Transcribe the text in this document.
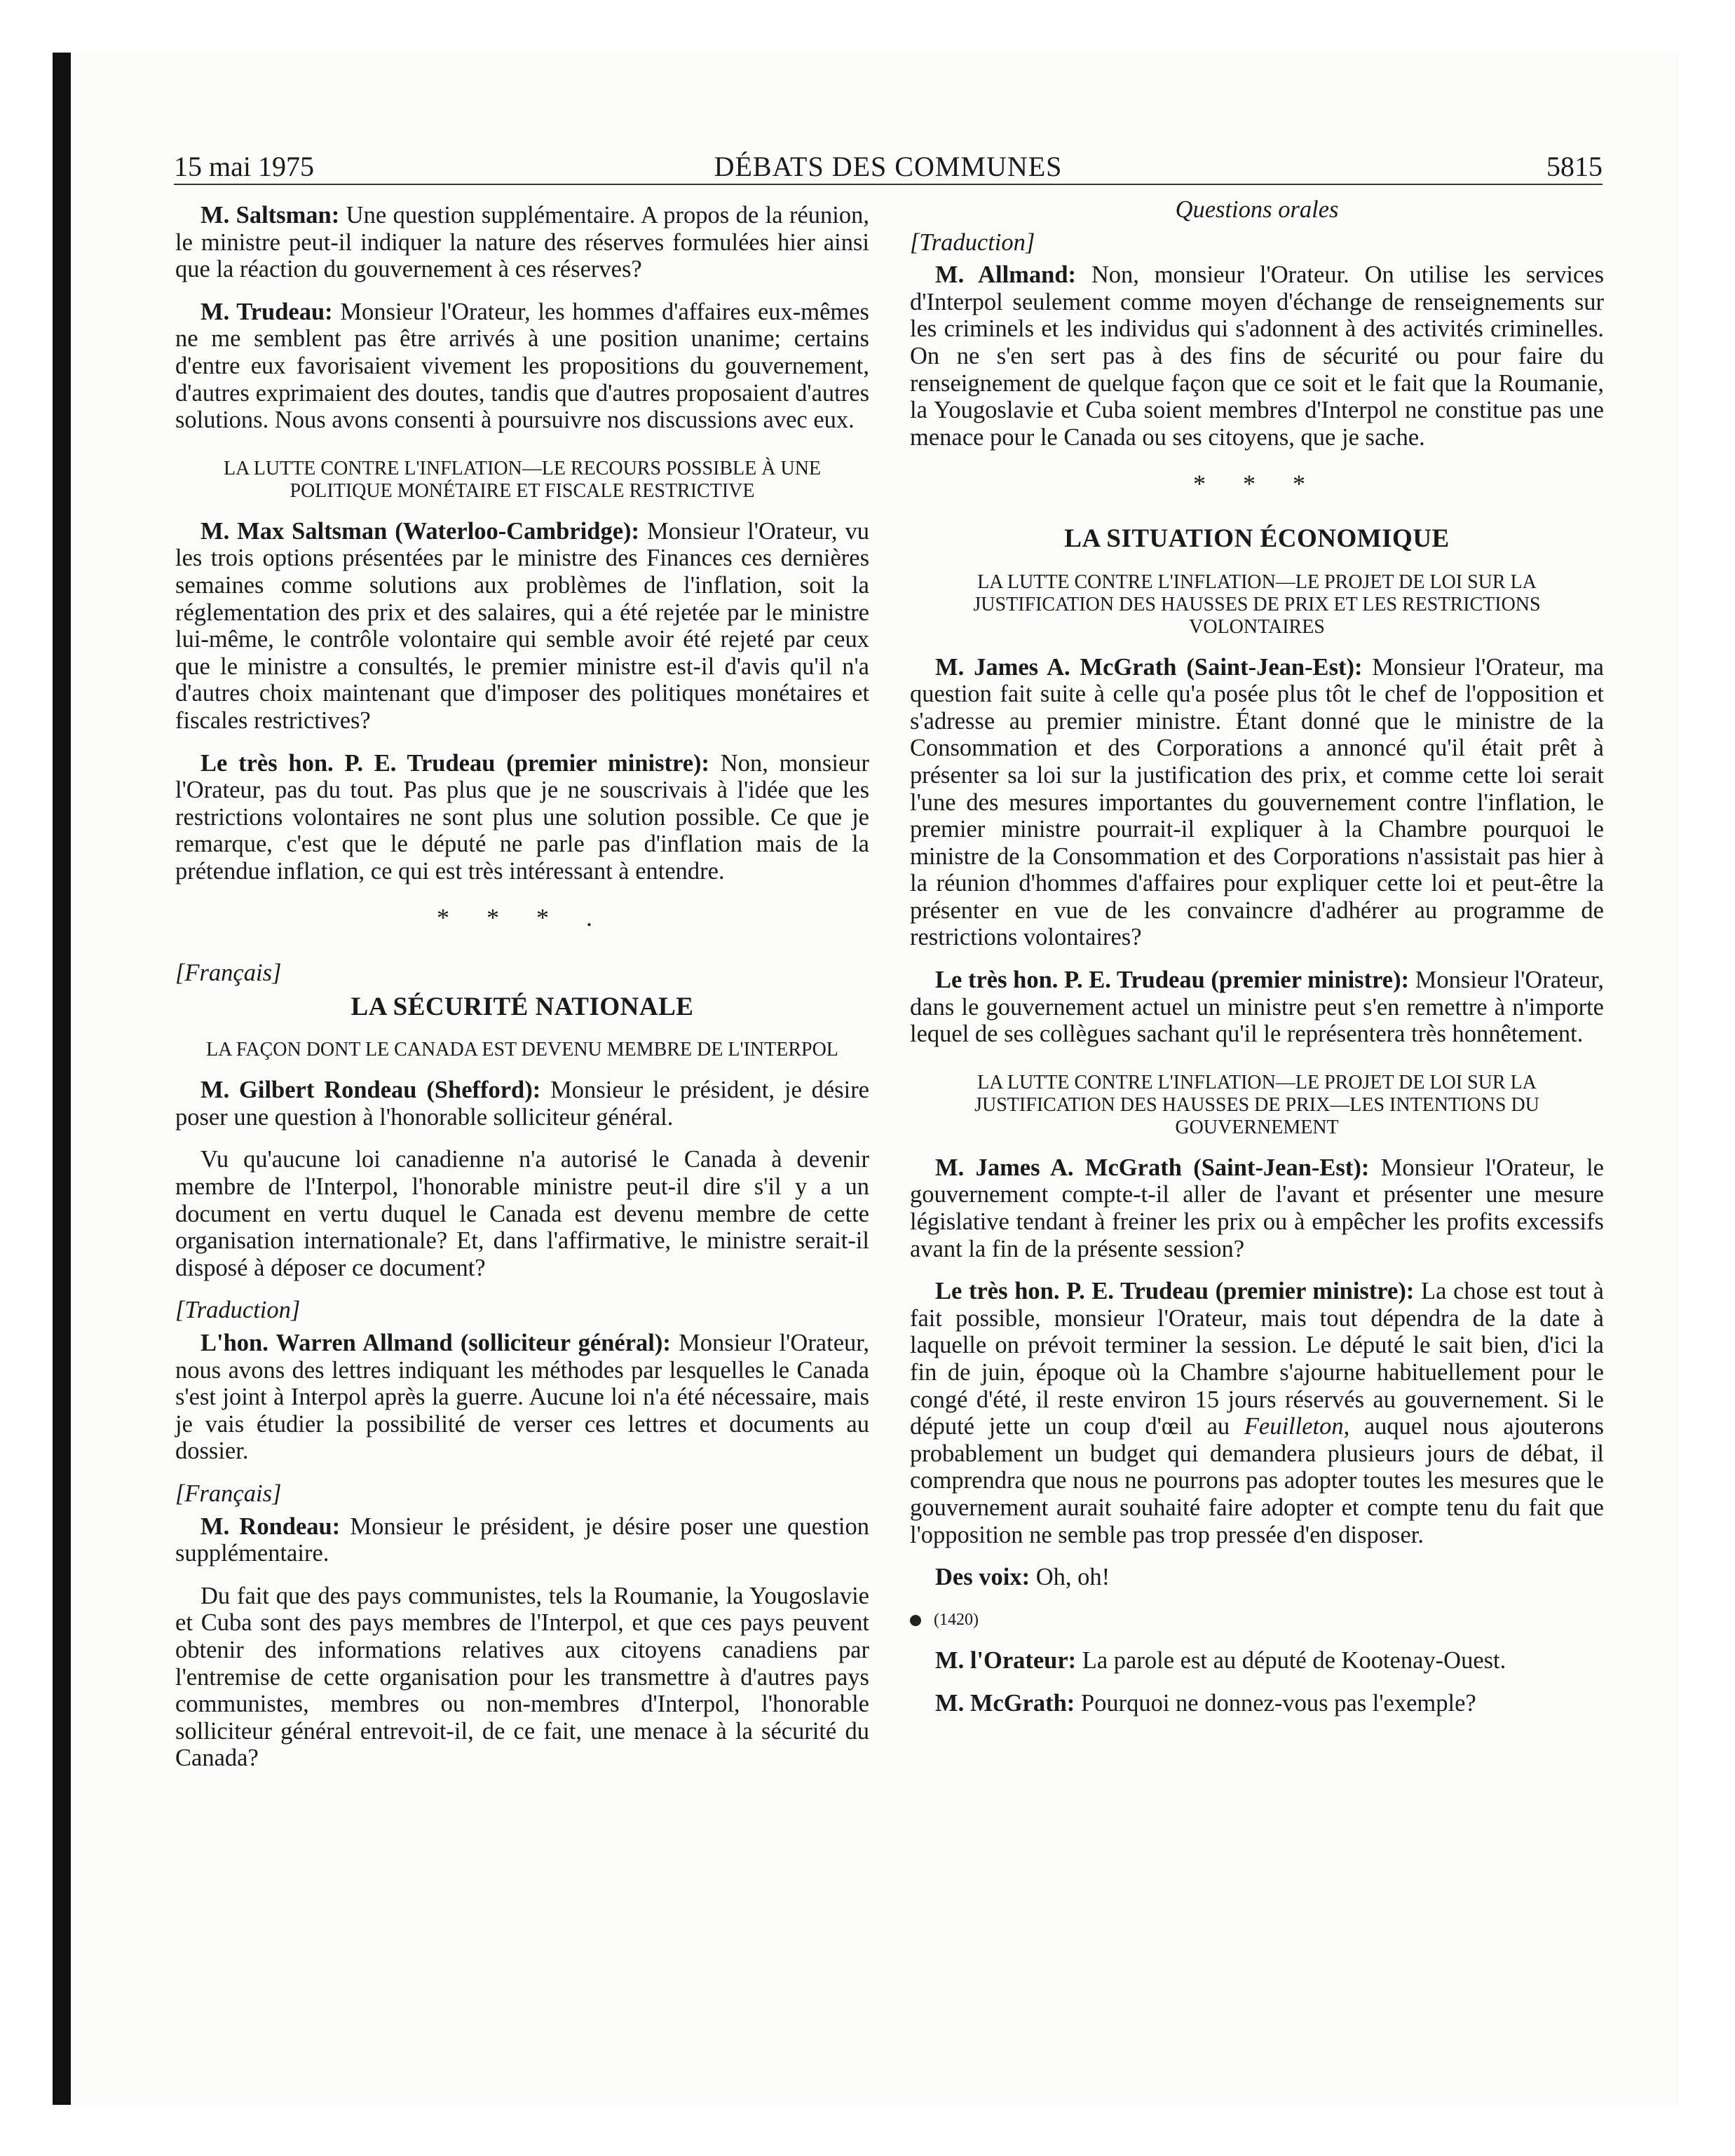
15 mai 1975	DÉBATS DES COMMUNES	5815

M. Saltsman: Une question supplémentaire. A propos de la réunion, le ministre peut-il indiquer la nature des réserves formulées hier ainsi que la réaction du gouvernement à ces réserves?

M. Trudeau: Monsieur l'Orateur, les hommes d'affaires eux-mêmes ne me semblent pas être arrivés à une position unanime; certains d'entre eux favorisaient vivement les propositions du gouvernement, d'autres exprimaient des doutes, tandis que d'autres proposaient d'autres solutions. Nous avons consenti à poursuivre nos discussions avec eux.

LA LUTTE CONTRE L'INFLATION—LE RECOURS POSSIBLE À UNE POLITIQUE MONÉTAIRE ET FISCALE RESTRICTIVE

M. Max Saltsman (Waterloo-Cambridge): Monsieur l'Orateur, vu les trois options présentées par le ministre des Finances ces dernières semaines comme solutions aux problèmes de l'inflation, soit la réglementation des prix et des salaires, qui a été rejetée par le ministre lui-même, le contrôle volontaire qui semble avoir été rejeté par ceux que le ministre a consultés, le premier ministre est-il d'avis qu'il n'a d'autres choix maintenant que d'imposer des politiques monétaires et fiscales restrictives?

Le très hon. P. E. Trudeau (premier ministre): Non, monsieur l'Orateur, pas du tout. Pas plus que je ne souscrivais à l'idée que les restrictions volontaires ne sont plus une solution possible. Ce que je remarque, c'est que le député ne parle pas d'inflation mais de la prétendue inflation, ce qui est très intéressant à entendre.

* * * .
[Français]
LA SÉCURITÉ NATIONALE
LA FAÇON DONT LE CANADA EST DEVENU MEMBRE DE L'INTERPOL

M. Gilbert Rondeau (Shefford): Monsieur le président, je désire poser une question à l'honorable solliciteur général.

Vu qu'aucune loi canadienne n'a autorisé le Canada à devenir membre de l'Interpol, l'honorable ministre peut-il dire s'il y a un document en vertu duquel le Canada est devenu membre de cette organisation internationale? Et, dans l'affirmative, le ministre serait-il disposé à déposer ce document?

[Traduction]

L'hon. Warren Allmand (solliciteur général): Monsieur l'Orateur, nous avons des lettres indiquant les méthodes par lesquelles le Canada s'est joint à Interpol après la guerre. Aucune loi n'a été nécessaire, mais je vais étudier la possibilité de verser ces lettres et documents au dossier.

[Français]

M. Rondeau: Monsieur le président, je désire poser une question supplémentaire.

Du fait que des pays communistes, tels la Roumanie, la Yougoslavie et Cuba sont des pays membres de l'Interpol, et que ces pays peuvent obtenir des informations relatives aux citoyens canadiens par l'entremise de cette organisation pour les transmettre à d'autres pays communistes, membres ou non-membres d'Interpol, l'honorable solliciteur général entrevoit-il, de ce fait, une menace à la sécurité du Canada?

Questions orales
[Traduction]

M. Allmand: Non, monsieur l'Orateur. On utilise les services d'Interpol seulement comme moyen d'échange de renseignements sur les criminels et les individus qui s'adonnent à des activités criminelles. On ne s'en sert pas à des fins de sécurité ou pour faire du renseignement de quelque façon que ce soit et le fait que la Roumanie, la Yougoslavie et Cuba soient membres d'Interpol ne constitue pas une menace pour le Canada ou ses citoyens, que je sache.

* * *
LA SITUATION ÉCONOMIQUE
LA LUTTE CONTRE L'INFLATION—LE PROJET DE LOI SUR LA JUSTIFICATION DES HAUSSES DE PRIX ET LES RESTRICTIONS VOLONTAIRES

M. James A. McGrath (Saint-Jean-Est): Monsieur l'Orateur, ma question fait suite à celle qu'a posée plus tôt le chef de l'opposition et s'adresse au premier ministre. Étant donné que le ministre de la Consommation et des Corporations a annoncé qu'il était prêt à présenter sa loi sur la justification des prix, et comme cette loi serait l'une des mesures importantes du gouvernement contre l'inflation, le premier ministre pourrait-il expliquer à la Chambre pourquoi le ministre de la Consommation et des Corporations n'assistait pas hier à la réunion d'hommes d'affaires pour expliquer cette loi et peut-être la présenter en vue de les convaincre d'adhérer au programme de restrictions volontaires?

Le très hon. P. E. Trudeau (premier ministre): Monsieur l'Orateur, dans le gouvernement actuel un ministre peut s'en remettre à n'importe lequel de ses collègues sachant qu'il le représentera très honnêtement.

LA LUTTE CONTRE L'INFLATION—LE PROJET DE LOI SUR LA JUSTIFICATION DES HAUSSES DE PRIX—LES INTENTIONS DU GOUVERNEMENT

M. James A. McGrath (Saint-Jean-Est): Monsieur l'Orateur, le gouvernement compte-t-il aller de l'avant et présenter une mesure législative tendant à freiner les prix ou à empêcher les profits excessifs avant la fin de la présente session?

Le très hon. P. E. Trudeau (premier ministre): La chose est tout à fait possible, monsieur l'Orateur, mais tout dépendra de la date à laquelle on prévoit terminer la session. Le député le sait bien, d'ici la fin de juin, époque où la Chambre s'ajourne habituellement pour le congé d'été, il reste environ 15 jours réservés au gouvernement. Si le député jette un coup d'œil au Feuilleton, auquel nous ajouterons probablement un budget qui demandera plusieurs jours de débat, il comprendra que nous ne pourrons pas adopter toutes les mesures que le gouvernement aurait souhaité faire adopter et compte tenu du fait que l'opposition ne semble pas trop pressée d'en disposer.

Des voix: Oh, oh!

(1420)

M. l'Orateur: La parole est au député de Kootenay-Ouest.

M. McGrath: Pourquoi ne donnez-vous pas l'exemple?
